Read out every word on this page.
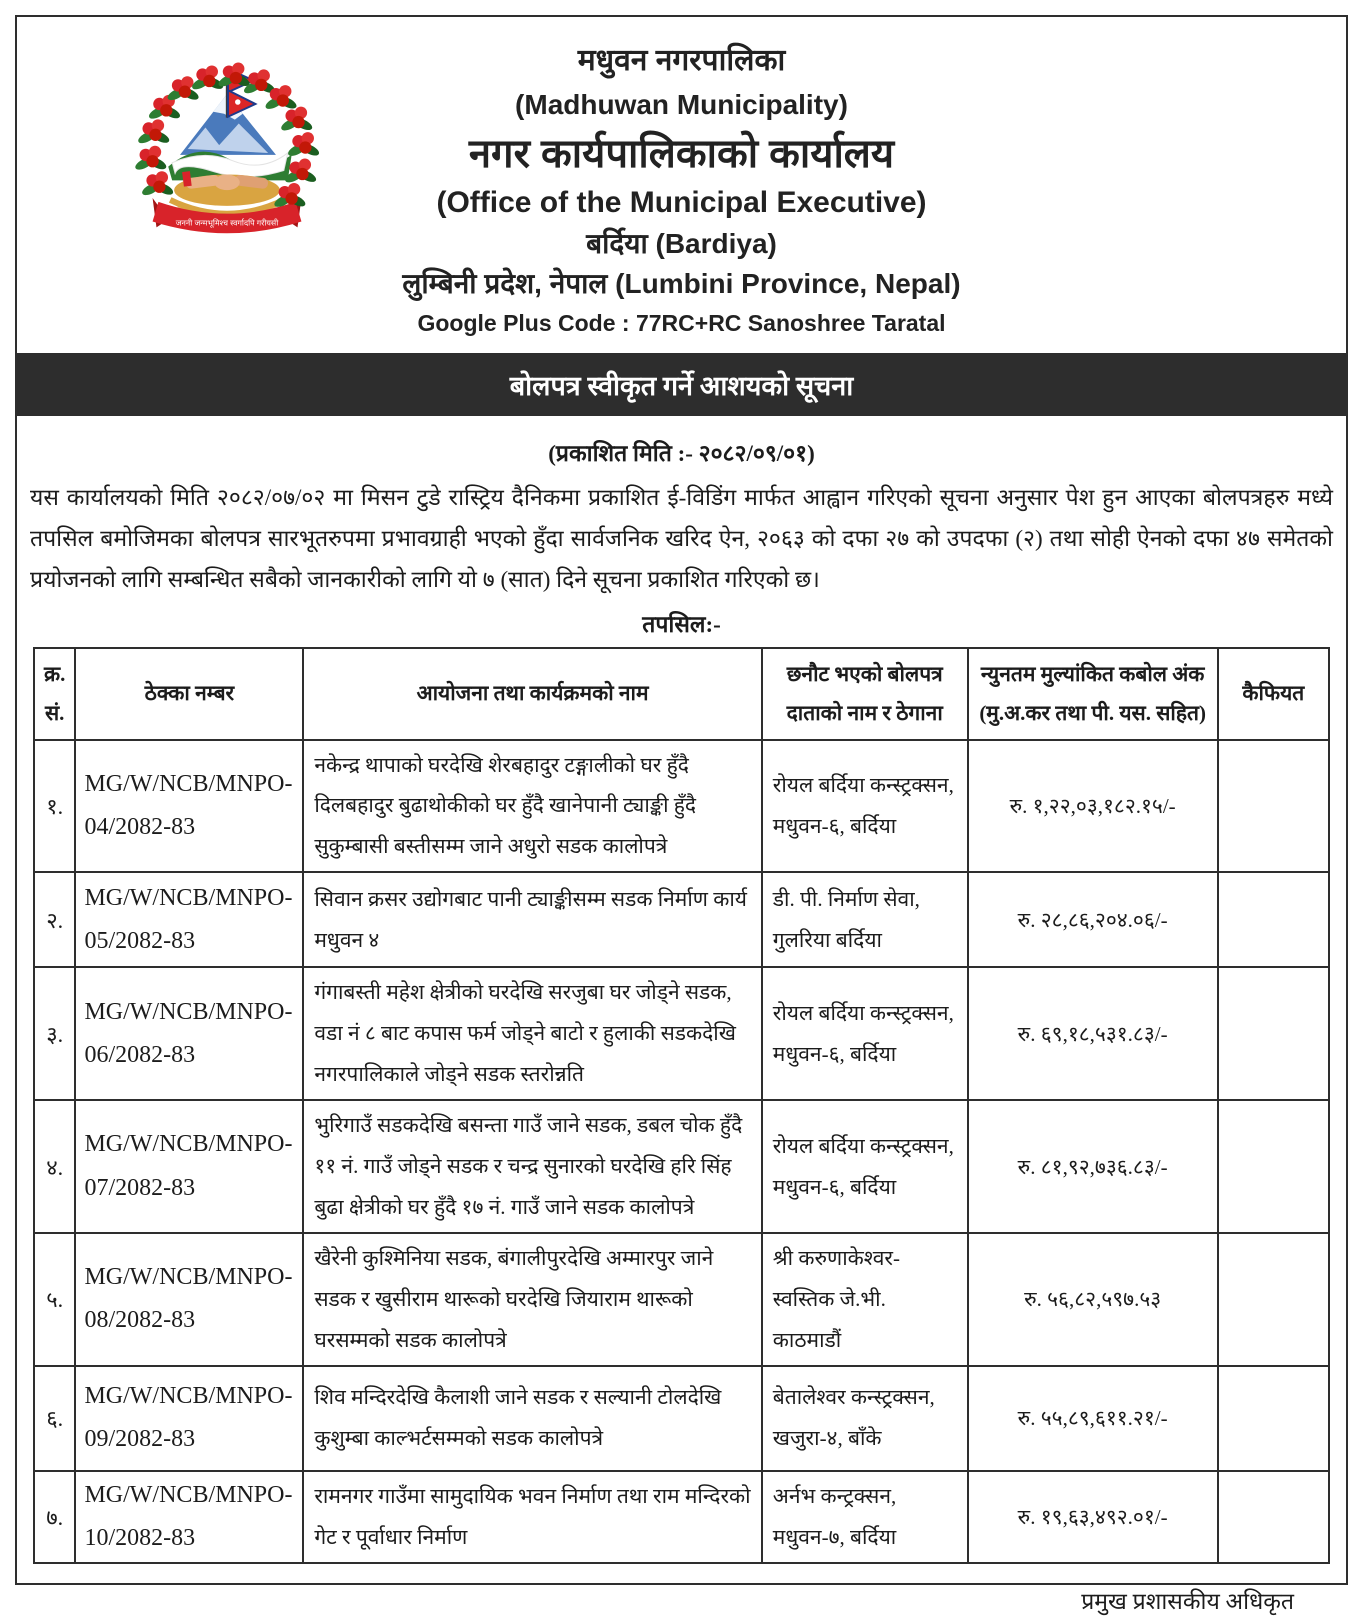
जननी जन्मभूमिश्च स्वर्गादपि गरीयसी
मधुवन नगरपालिका
(Madhuwan Municipality)
नगर कार्यपालिकाको कार्यालय
(Office of the Municipal Executive)
बर्दिया (Bardiya)
लुम्बिनी प्रदेश, नेपाल (Lumbini Province, Nepal)
Google Plus Code : 77RC+RC Sanoshree Taratal
बोलपत्र स्वीकृत गर्ने आशयको सूचना
(प्रकाशित मिति :- २०८२/०९/०१)
यस कार्यालयको मिति २०८२/०७/०२ मा मिसन टुडे रास्ट्रिय दैनिकमा प्रकाशित ई-विडिंग मार्फत आह्वान गरिएको सूचना अनुसार पेश हुन आएका बोलपत्रहरु मध्ये तपसिल बमोजिमका बोलपत्र सारभूतरुपमा प्रभावग्राही भएको हुँदा सार्वजनिक खरिद ऐन, २०६३ को दफा २७ को उपदफा (२) तथा सोही ऐनको दफा ४७ समेतको प्रयोजनको लागि सम्बन्धित सबैको जानकारीको लागि यो ७ (सात) दिने सूचना प्रकाशित गरिएको छ।
तपसिल:-
क्र. सं.	ठेक्का नम्बर	आयोजना तथा कार्यक्रमको नाम	छनौट भएको बोलपत्र दाताको नाम र ठेगाना	न्युनतम मुल्यांकित कबोल अंक (मु.अ.कर तथा पी. यस. सहित)	कैफियत
१.	MG/W/NCB/MNPO-04/2082-83	नकेन्द्र थापाको घरदेखि शेरबहादुर टङ्गालीको घर हुँदै दिलबहादुर बुढाथोकीको घर हुँदै खानेपानी ट्याङ्की हुँदै सुकुम्बासी बस्तीसम्म जाने अधुरो सडक कालोपत्रे	रोयल बर्दिया कन्स्ट्रक्सन, मधुवन-६, बर्दिया	रु. १,२२,०३,१८२.१५/-	
२.	MG/W/NCB/MNPO-05/2082-83	सिवान क्रसर उद्योगबाट पानी ट्याङ्कीसम्म सडक निर्माण कार्य मधुवन ४	डी. पी. निर्माण सेवा, गुलरिया बर्दिया	रु. २८,८६,२०४.०६/-	
३.	MG/W/NCB/MNPO-06/2082-83	गंगाबस्ती महेश क्षेत्रीको घरदेखि सरजुबा घर जोड्ने सडक, वडा नं ८ बाट कपास फर्म जोड्ने बाटो र हुलाकी सडकदेखि नगरपालिकाले जोड्ने सडक स्तरोन्नति	रोयल बर्दिया कन्स्ट्रक्सन, मधुवन-६, बर्दिया	रु. ६९,१८,५३१.८३/-	
४.	MG/W/NCB/MNPO-07/2082-83	भुरिगाउँ सडकदेखि बसन्ता गाउँ जाने सडक, डबल चोक हुँदै ११ नं. गाउँ जोड्ने सडक र चन्द्र सुनारको घरदेखि हरि सिंह बुढा क्षेत्रीको घर हुँदै १७ नं. गाउँ जाने सडक कालोपत्रे	रोयल बर्दिया कन्स्ट्रक्सन, मधुवन-६, बर्दिया	रु. ८१,९२,७३६.८३/-	
५.	MG/W/NCB/MNPO-08/2082-83	खैरेनी कुश्मिनिया सडक, बंगालीपुरदेखि अम्मारपुर जाने सडक र खुसीराम थारूको घरदेखि जियाराम थारूको घरसम्मको सडक कालोपत्रे	श्री करुणाकेश्वर-स्वस्तिक जे.भी. काठमाडौं	रु. ५६,८२,५९७.५३	
६.	MG/W/NCB/MNPO-09/2082-83	शिव मन्दिरदेखि कैलाशी जाने सडक र सल्यानी टोलदेखि कुशुम्बा काल्भर्टसम्मको सडक कालोपत्रे	बेतालेश्वर कन्स्ट्रक्सन, खजुरा-४, बाँके	रु. ५५,८९,६११.२१/-	
७.	MG/W/NCB/MNPO-10/2082-83	रामनगर गाउँमा सामुदायिक भवन निर्माण तथा राम मन्दिरको गेट र पूर्वाधार निर्माण	अर्नभ कन्ट्रक्सन, मधुवन-७, बर्दिया	रु. १९,६३,४९२.०१/-	
प्रमुख प्रशासकीय अधिकृत
